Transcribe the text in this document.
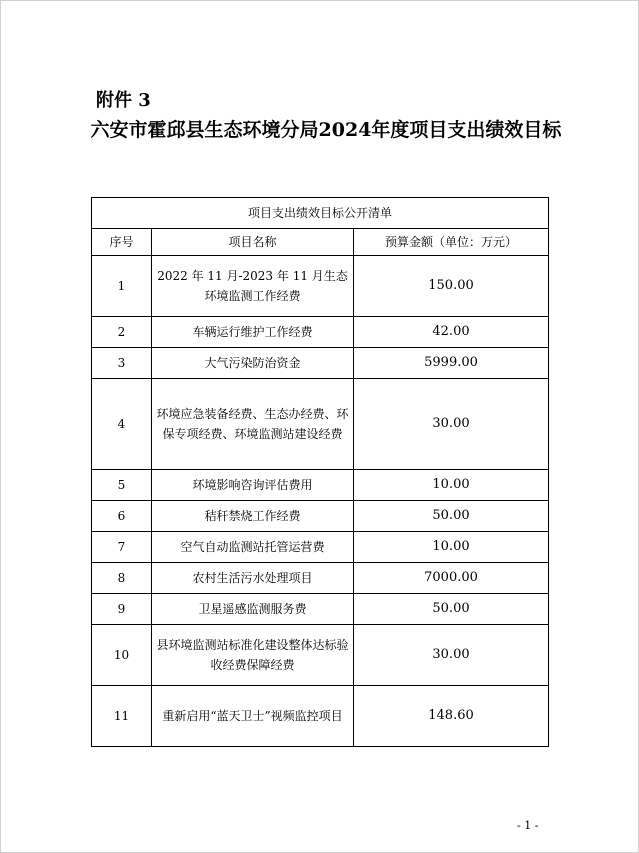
附件 3
六安市霍邱县生态环境分局2024年度项目支出绩效目标
项目支出绩效目标公开清单		
序号	项目名称	预算金额（单位：万元）
1	2022 年 11 月-2023 年 11 月生态环境监测工作经费	150.00
2	车辆运行维护工作经费	42.00
3	大气污染防治资金	5999.00
4	环境应急装备经费、生态办经费、环保专项经费、环境监测站建设经费	30.00
5	环境影响咨询评估费用	10.00
6	秸秆禁烧工作经费	50.00
7	空气自动监测站托管运营费	10.00
8	农村生活污水处理项目	7000.00
9	卫星遥感监测服务费	50.00
10	县环境监测站标准化建设整体达标验收经费保障经费	30.00
11	重新启用“蓝天卫士”视频监控项目	148.60
- 1 -
